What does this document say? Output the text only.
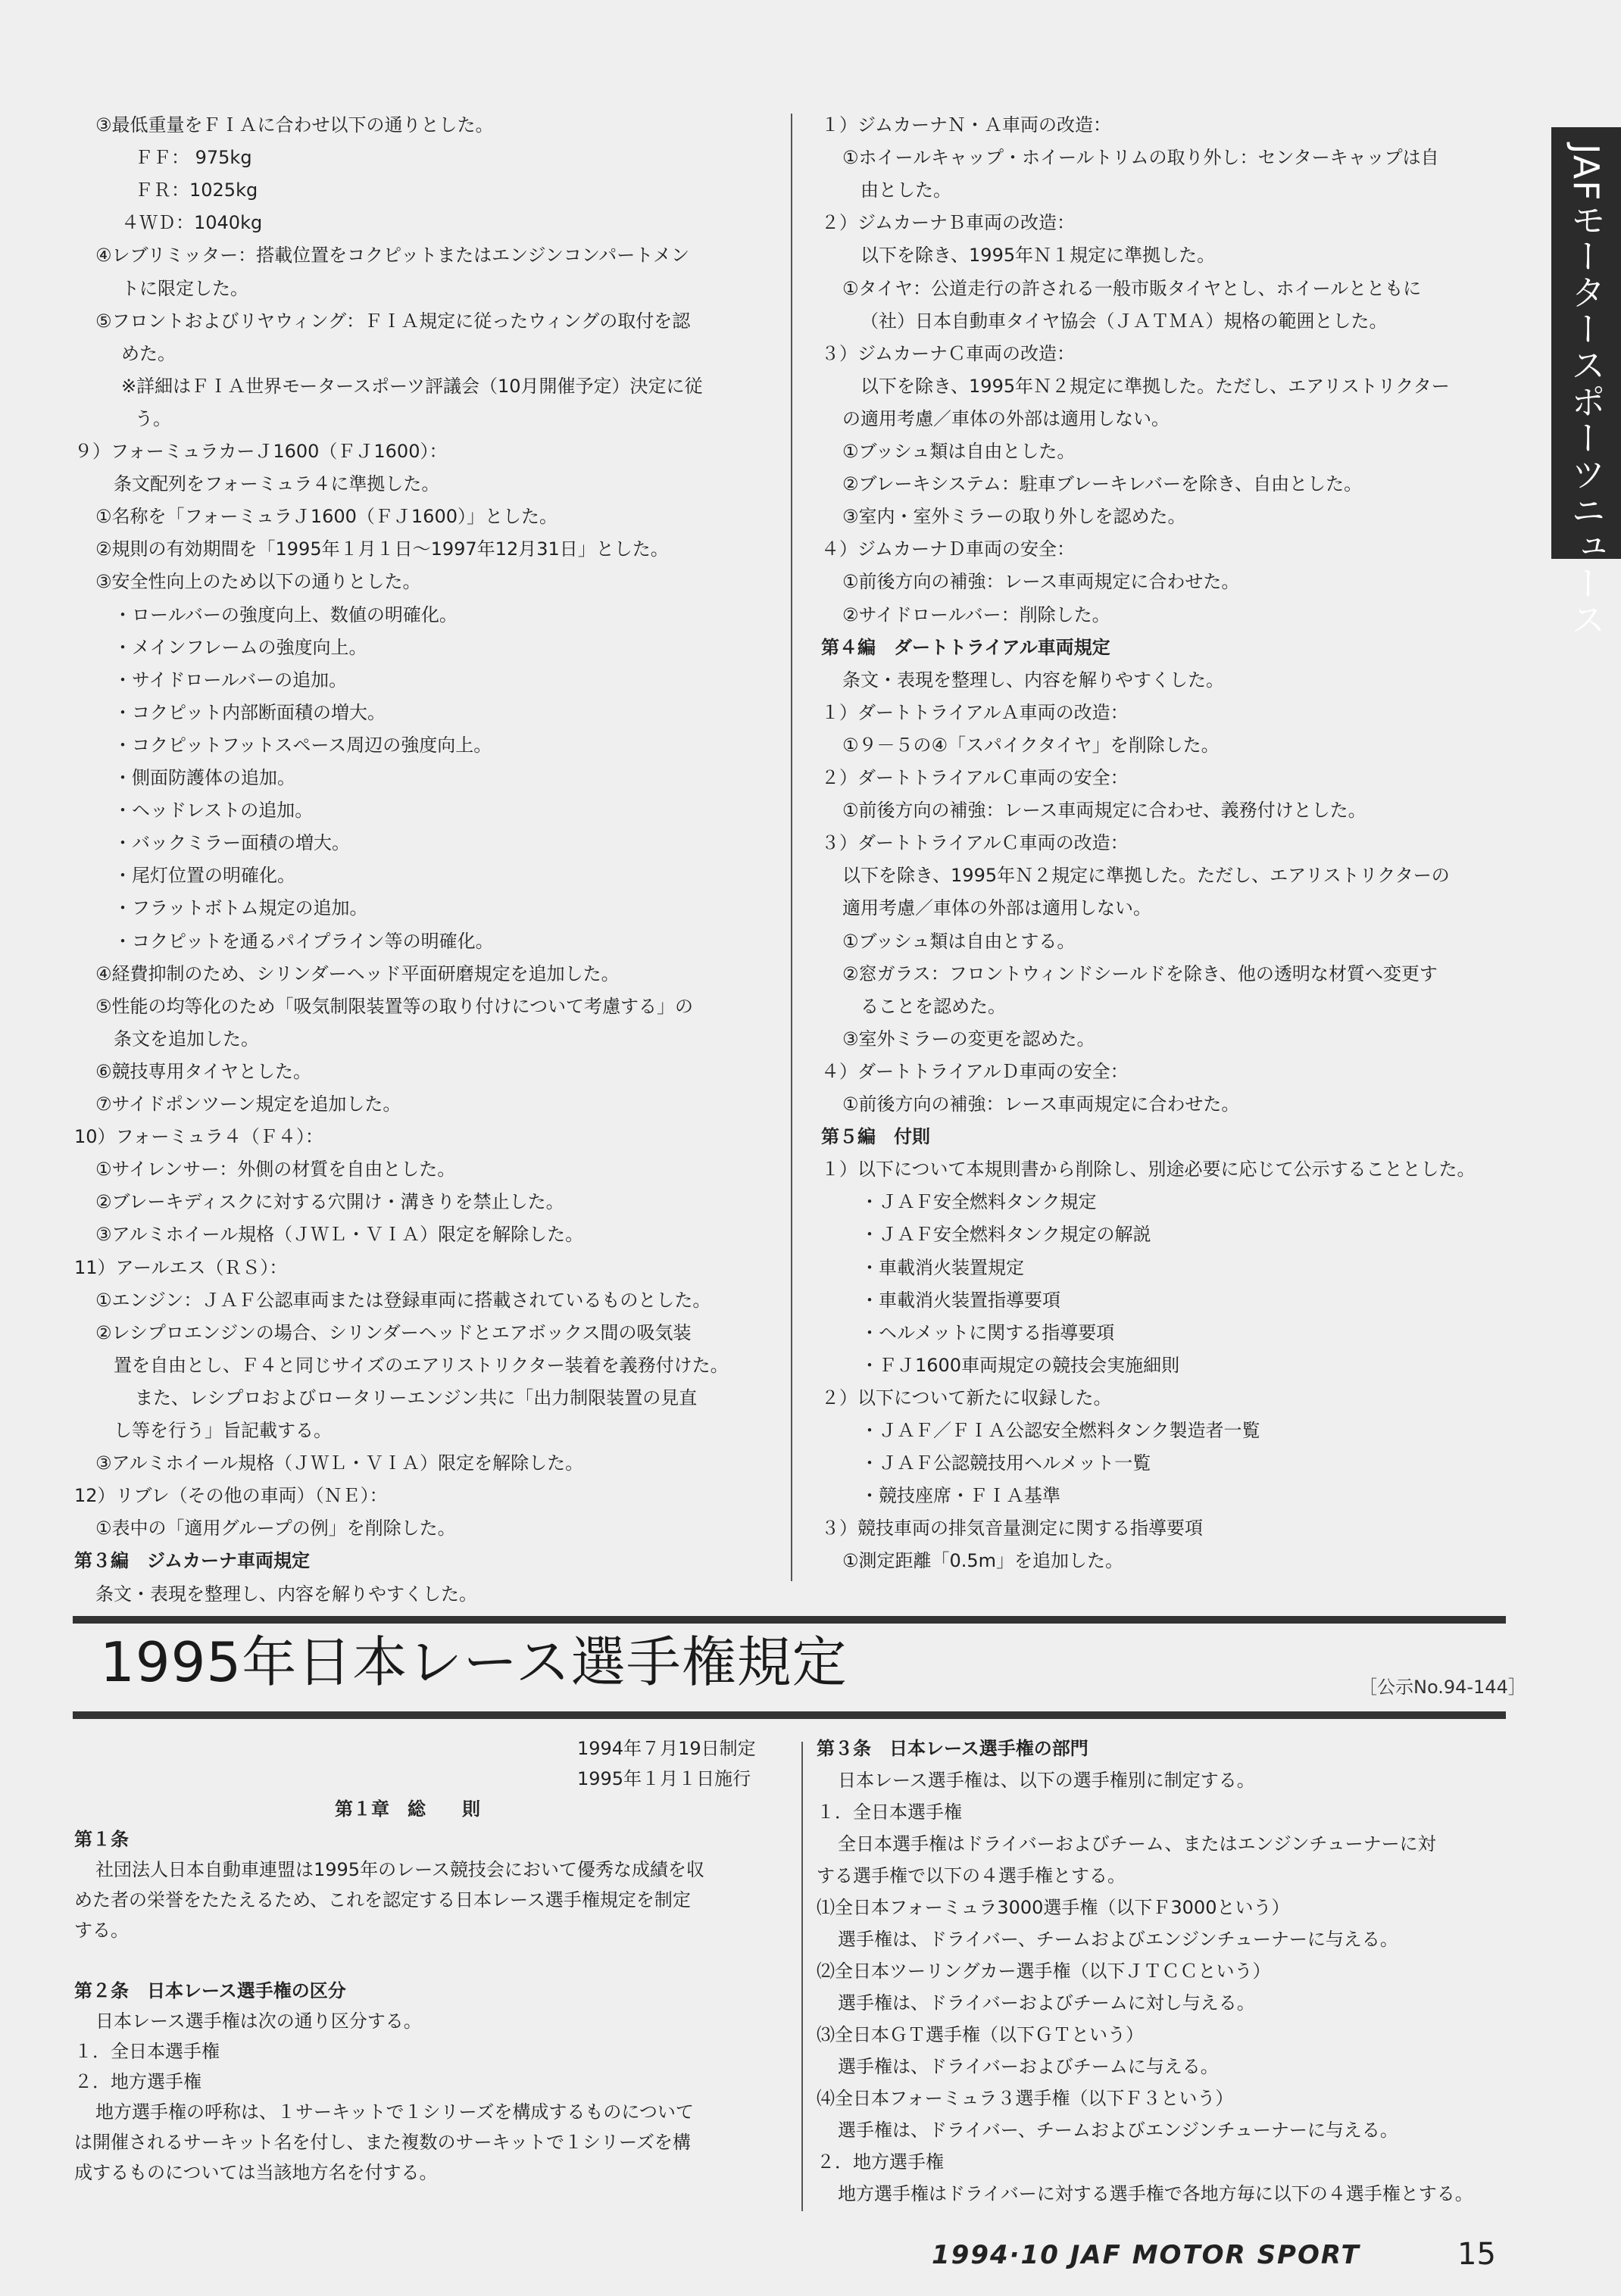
JAFモータースポーツニュース
③最低重量をＦＩＡに合わせ以下の通りとした。
ＦＦ： 975kg
ＦＲ：1025kg
４ＷＤ：1040kg
④レブリミッター：搭載位置をコクピットまたはエンジンコンパートメン
トに限定した。
⑤フロントおよびリヤウィング：ＦＩＡ規定に従ったウィングの取付を認
めた。
※詳細はＦＩＡ世界モータースポーツ評議会（10月開催予定）決定に従
う。
９）フォーミュラカーＪ1600（ＦＪ1600）：
条文配列をフォーミュラ４に準拠した。
①名称を「フォーミュラＪ1600（ＦＪ1600）」とした。
②規則の有効期間を「1995年１月１日～1997年12月31日」とした。
③安全性向上のため以下の通りとした。
・ロールバーの強度向上、数値の明確化。
・メインフレームの強度向上。
・サイドロールバーの追加。
・コクピット内部断面積の増大。
・コクピットフットスペース周辺の強度向上。
・側面防護体の追加。
・ヘッドレストの追加。
・バックミラー面積の増大。
・尾灯位置の明確化。
・フラットボトム規定の追加。
・コクピットを通るパイプライン等の明確化。
④経費抑制のため、シリンダーヘッド平面研磨規定を追加した。
⑤性能の均等化のため「吸気制限装置等の取り付けについて考慮する」の
条文を追加した。
⑥競技専用タイヤとした。
⑦サイドポンツーン規定を追加した。
10）フォーミュラ４（Ｆ４）：
①サイレンサー：外側の材質を自由とした。
②ブレーキディスクに対する穴開け・溝きりを禁止した。
③アルミホイール規格（ＪＷＬ・ＶＩＡ）限定を解除した。
11）アールエス（ＲＳ）：
①エンジン：ＪＡＦ公認車両または登録車両に搭載されているものとした。
②レシプロエンジンの場合、シリンダーヘッドとエアボックス間の吸気装
置を自由とし、Ｆ４と同じサイズのエアリストリクター装着を義務付けた。
また、レシプロおよびロータリーエンジン共に「出力制限装置の見直
し等を行う」旨記載する。
③アルミホイール規格（ＪＷＬ・ＶＩＡ）限定を解除した。
12）リブレ（その他の車両）（ＮＥ）：
①表中の「適用グループの例」を削除した。
第３編　ジムカーナ車両規定
条文・表現を整理し、内容を解りやすくした。
１）ジムカーナＮ・Ａ車両の改造：
①ホイールキャップ・ホイールトリムの取り外し：センターキャップは自
由とした。
２）ジムカーナＢ車両の改造：
以下を除き、1995年Ｎ１規定に準拠した。
①タイヤ：公道走行の許される一般市販タイヤとし、ホイールとともに
（社）日本自動車タイヤ協会（ＪＡＴＭＡ）規格の範囲とした。
３）ジムカーナＣ車両の改造：
以下を除き、1995年Ｎ２規定に準拠した。ただし、エアリストリクター
の適用考慮／車体の外部は適用しない。
①ブッシュ類は自由とした。
②ブレーキシステム：駐車ブレーキレバーを除き、自由とした。
③室内・室外ミラーの取り外しを認めた。
４）ジムカーナＤ車両の安全：
①前後方向の補強：レース車両規定に合わせた。
②サイドロールバー：削除した。
第４編　ダートトライアル車両規定
条文・表現を整理し、内容を解りやすくした。
１）ダートトライアルＡ車両の改造：
①９－５の④「スパイクタイヤ」を削除した。
２）ダートトライアルＣ車両の安全：
①前後方向の補強：レース車両規定に合わせ、義務付けとした。
３）ダートトライアルＣ車両の改造：
以下を除き、1995年Ｎ２規定に準拠した。ただし、エアリストリクターの
適用考慮／車体の外部は適用しない。
①ブッシュ類は自由とする。
②窓ガラス：フロントウィンドシールドを除き、他の透明な材質へ変更す
ることを認めた。
③室外ミラーの変更を認めた。
４）ダートトライアルＤ車両の安全：
①前後方向の補強：レース車両規定に合わせた。
第５編　付則
１）以下について本規則書から削除し、別途必要に応じて公示することとした。
・ＪＡＦ安全燃料タンク規定
・ＪＡＦ安全燃料タンク規定の解説
・車載消火装置規定
・車載消火装置指導要項
・ヘルメットに関する指導要項
・ＦＪ1600車両規定の競技会実施細則
２）以下について新たに収録した。
・ＪＡＦ／ＦＩＡ公認安全燃料タンク製造者一覧
・ＪＡＦ公認競技用ヘルメット一覧
・競技座席・ＦＩＡ基準
３）競技車両の排気音量測定に関する指導要項
①測定距離「0.5m」を追加した。
1995年日本レース選手権規定	［公示No.94-144］
1994年７月19日制定
1995年１月１日施行
第１章　総　　則
第１条
社団法人日本自動車連盟は1995年のレース競技会において優秀な成績を収
めた者の栄誉をたたえるため、これを認定する日本レース選手権規定を制定
する。
第２条　日本レース選手権の区分
日本レース選手権は次の通り区分する。
１．全日本選手権
２．地方選手権
地方選手権の呼称は、１サーキットで１シリーズを構成するものについて
は開催されるサーキット名を付し、また複数のサーキットで１シリーズを構
成するものについては当該地方名を付する。
第３条　日本レース選手権の部門
日本レース選手権は、以下の選手権別に制定する。
１．全日本選手権
全日本選手権はドライバーおよびチーム、またはエンジンチューナーに対
する選手権で以下の４選手権とする。
⑴全日本フォーミュラ3000選手権（以下Ｆ3000という）
選手権は、ドライバー、チームおよびエンジンチューナーに与える。
⑵全日本ツーリングカー選手権（以下ＪＴＣＣという）
選手権は、ドライバーおよびチームに対し与える。
⑶全日本ＧＴ選手権（以下ＧＴという）
選手権は、ドライバーおよびチームに与える。
⑷全日本フォーミュラ３選手権（以下Ｆ３という）
選手権は、ドライバー、チームおよびエンジンチューナーに与える。
２．地方選手権
地方選手権はドライバーに対する選手権で各地方毎に以下の４選手権とする。
1994·10 JAF MOTOR SPORT	15
